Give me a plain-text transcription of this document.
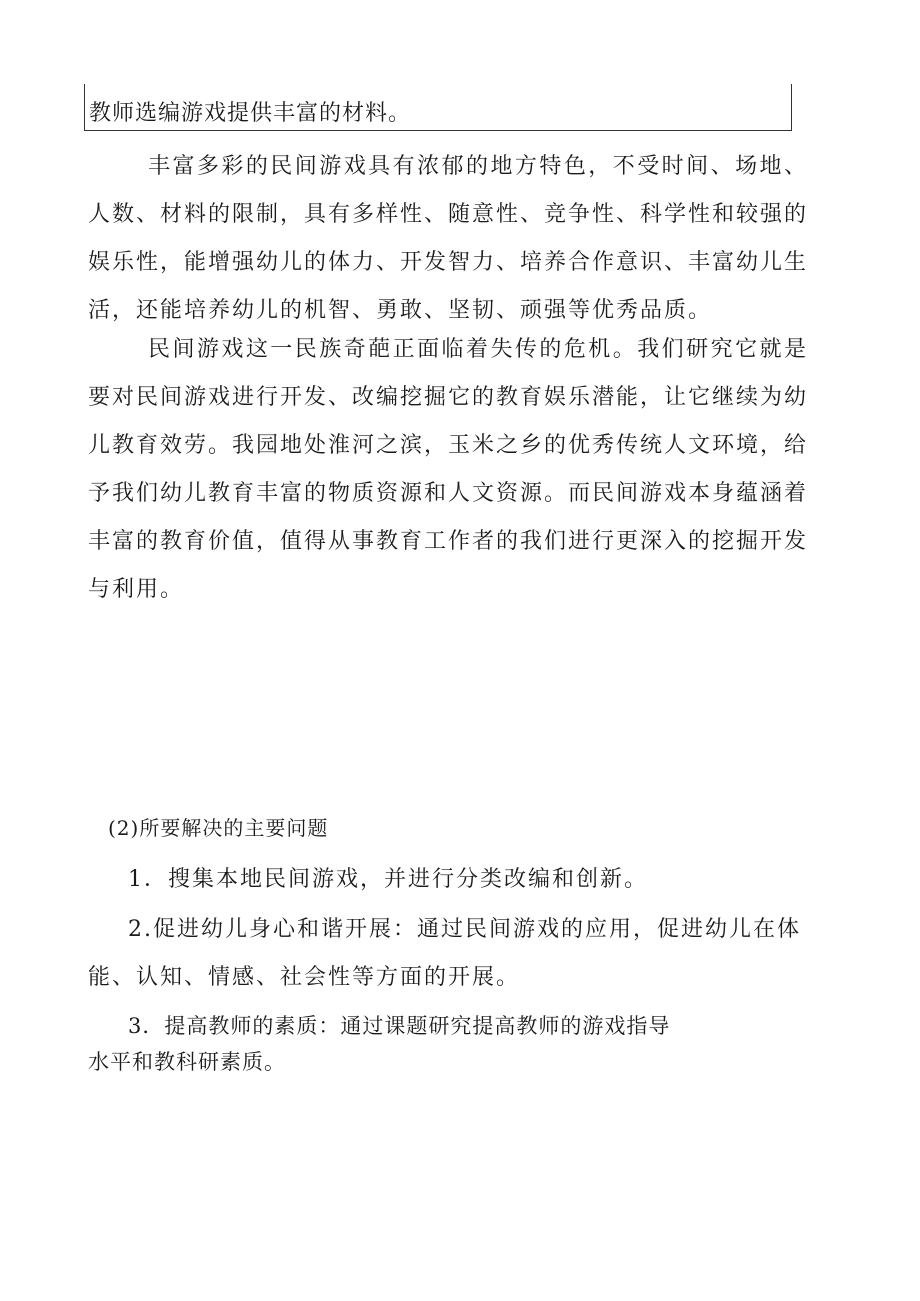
教师选编游戏提供丰富的材料。
丰富多彩的民间游戏具有浓郁的地方特色，不受时间、场地、人数、材料的限制，具有多样性、随意性、竞争性、科学性和较强的娱乐性，能增强幼儿的体力、开发智力、培养合作意识、丰富幼儿生活，还能培养幼儿的机智、勇敢、坚韧、顽强等优秀品质。
民间游戏这一民族奇葩正面临着失传的危机。我们研究它就是要对民间游戏进行开发、改编挖掘它的教育娱乐潜能，让它继续为幼儿教育效劳。我园地处淮河之滨，玉米之乡的优秀传统人文环境，给予我们幼儿教育丰富的物质资源和人文资源。而民间游戏本身蕴涵着丰富的教育价值，值得从事教育工作者的我们进行更深入的挖掘开发与利用。
(2)所要解决的主要问题
1．搜集本地民间游戏，并进行分类改编和创新。
2.促进幼儿身心和谐开展：通过民间游戏的应用，促进幼儿在体
能、认知、情感、社会性等方面的开展。
3．提高教师的素质：通过课题研究提高教师的游戏指导
水平和教科研素质。
